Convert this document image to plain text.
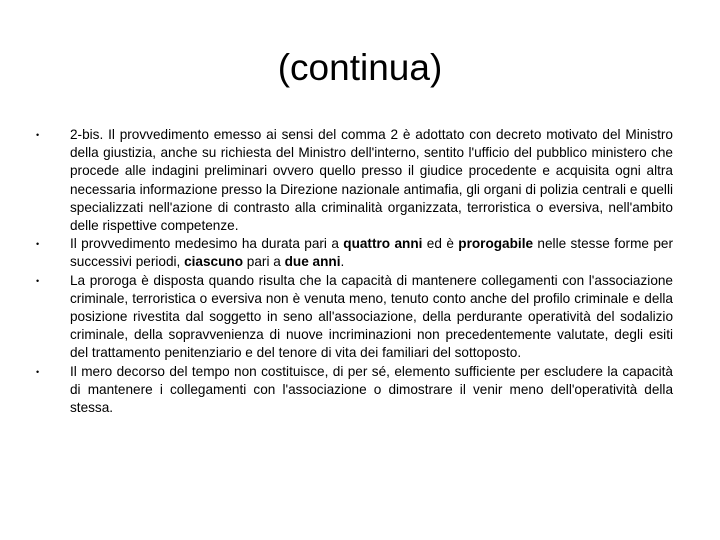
(continua)
• 2-bis. Il provvedimento emesso ai sensi del comma 2 è adottato con decreto motivato del Ministro della giustizia, anche su richiesta del Ministro dell'interno, sentito l'ufficio del pubblico ministero che procede alle indagini preliminari ovvero quello presso il giudice procedente e acquisita ogni altra necessaria informazione presso la Direzione nazionale antimafia, gli organi di polizia centrali e quelli specializzati nell'azione di contrasto alla criminalità organizzata, terroristica o eversiva, nell'ambito delle rispettive competenze.
• Il provvedimento medesimo ha durata pari a quattro anni ed è prorogabile nelle stesse forme per successivi periodi, ciascuno pari a due anni.
• La proroga è disposta quando risulta che la capacità di mantenere collegamenti con l'associazione criminale, terroristica o eversiva non è venuta meno, tenuto conto anche del profilo criminale e della posizione rivestita dal soggetto in seno all'associazione, della perdurante operatività del sodalizio criminale, della sopravvenienza di nuove incriminazioni non precedentemente valutate, degli esiti del trattamento penitenziario e del tenore di vita dei familiari del sottoposto.
• Il mero decorso del tempo non costituisce, di per sé, elemento sufficiente per escludere la capacità di mantenere i collegamenti con l'associazione o dimostrare il venir meno dell'operatività della stessa.
